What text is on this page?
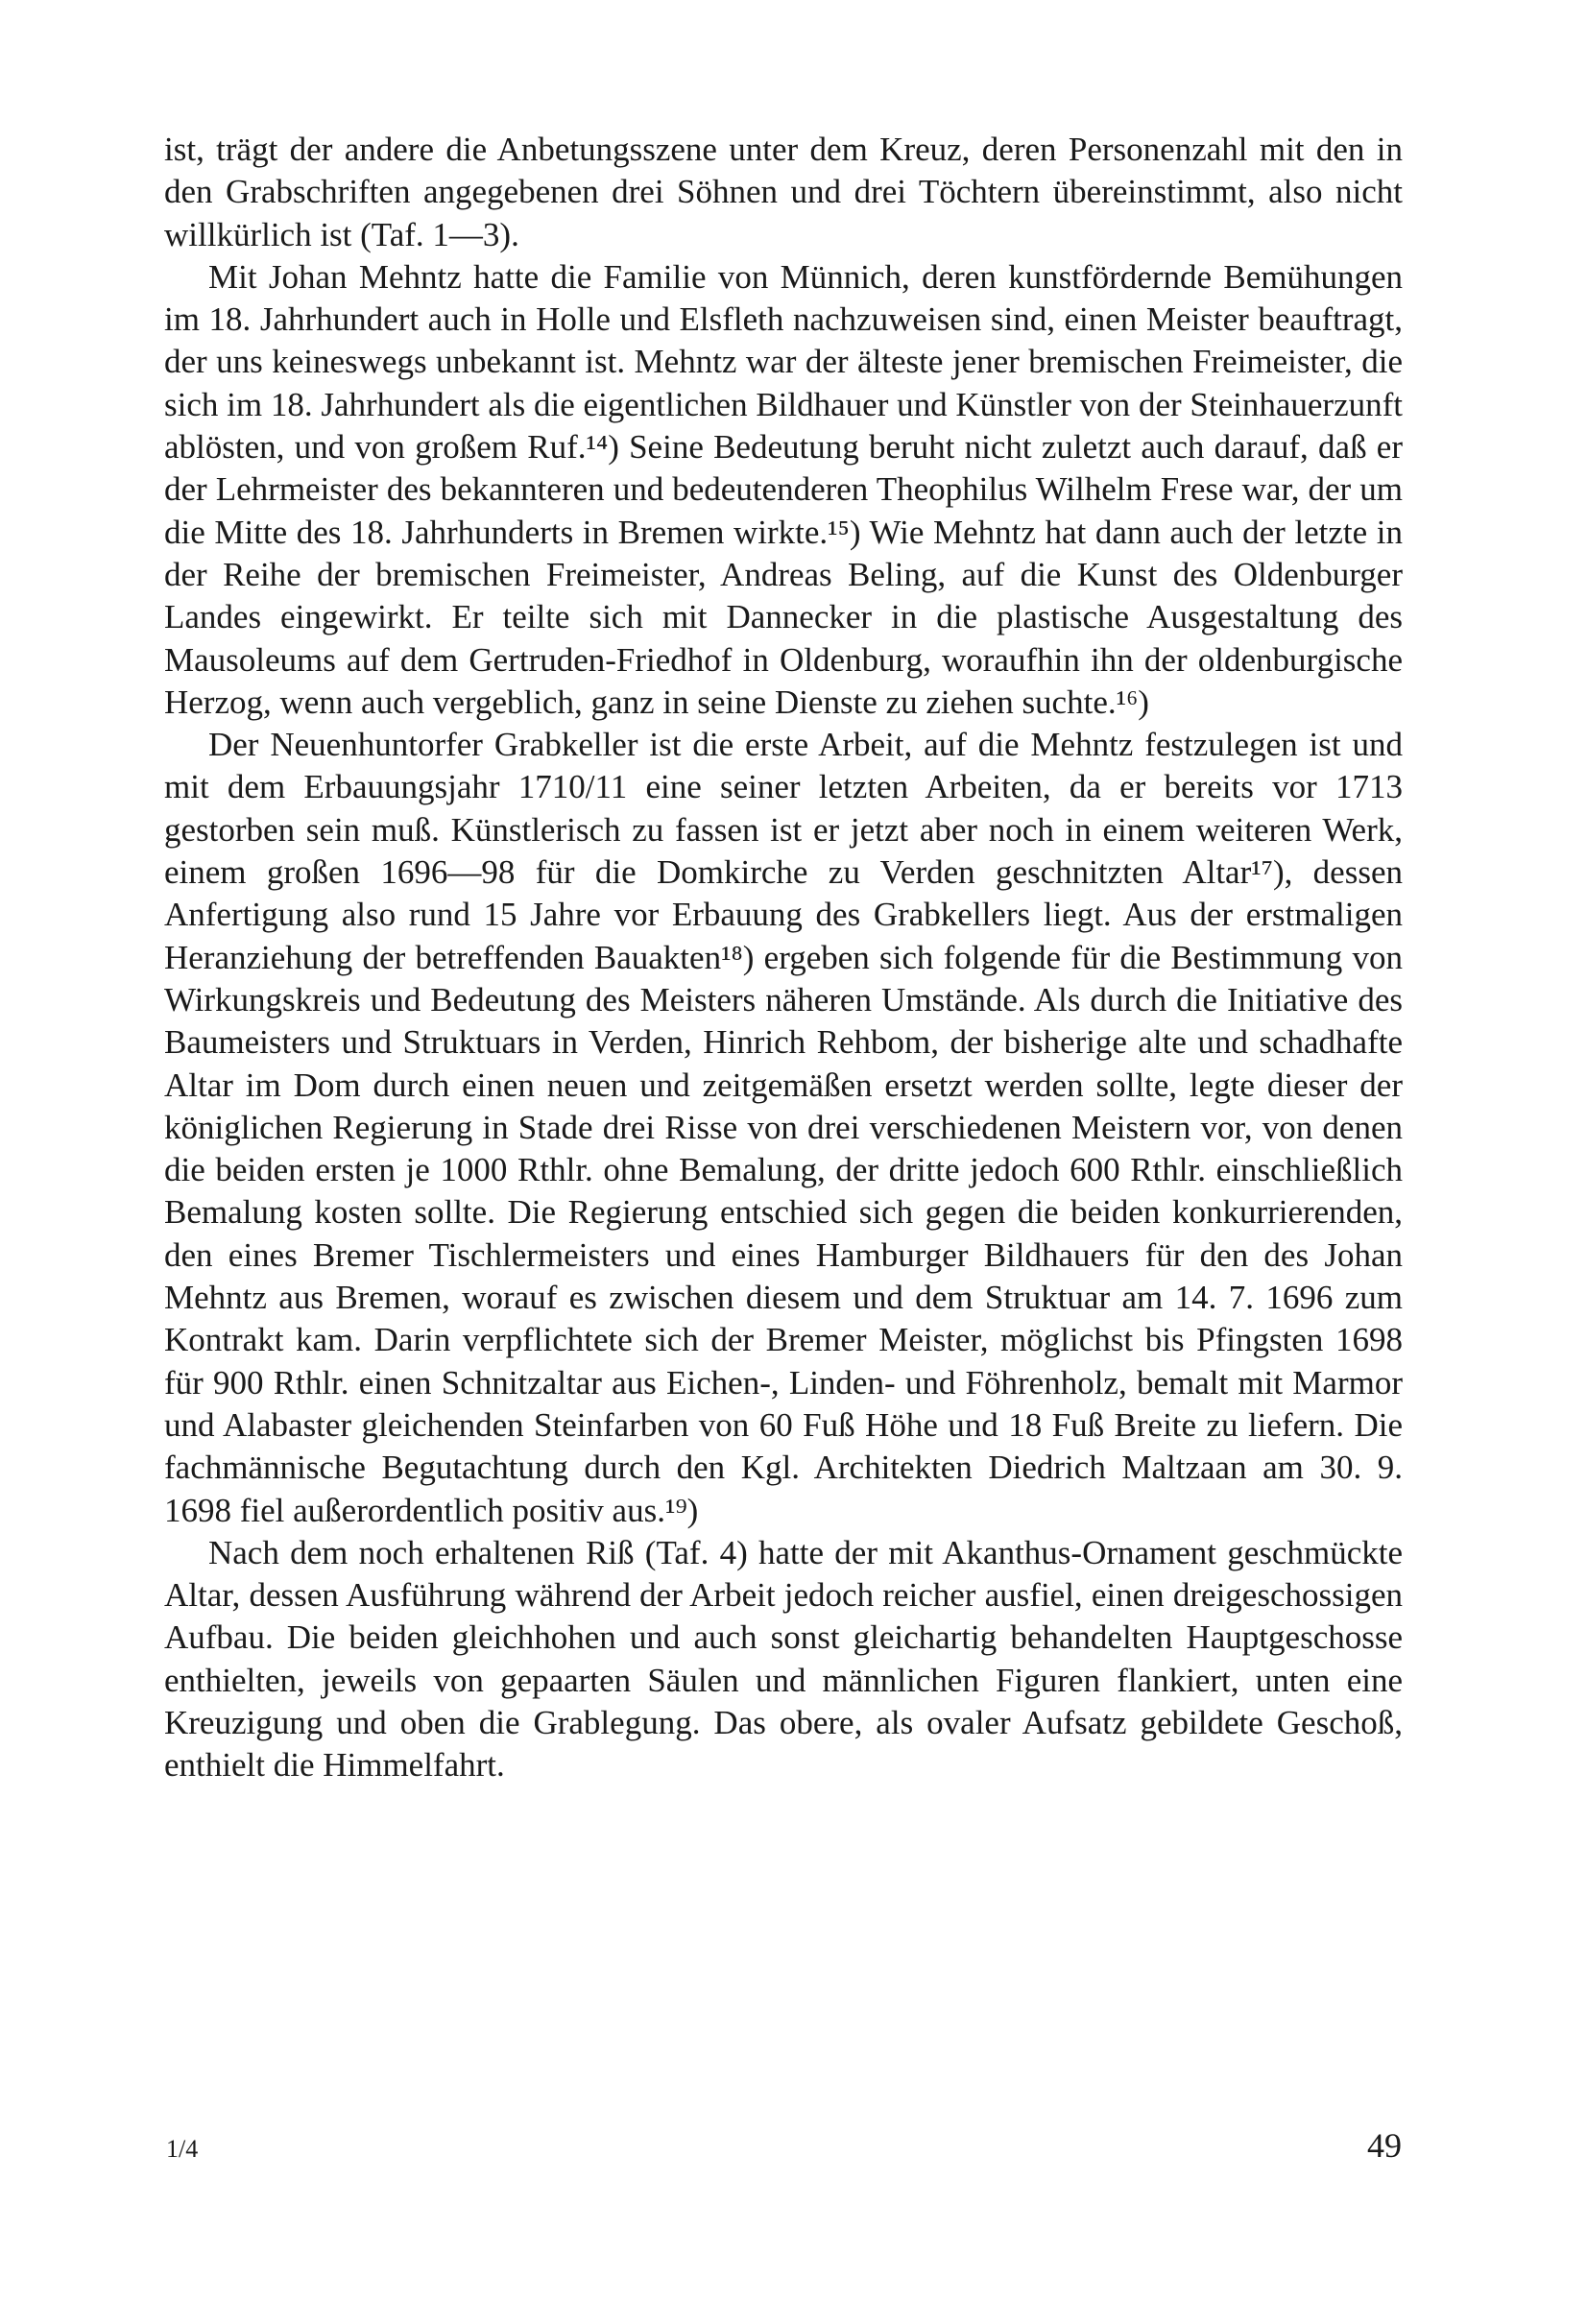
ist, trägt der andere die Anbetungsszene unter dem Kreuz, deren Personenzahl mit den in den Grabschriften angegebenen drei Söhnen und drei Töchtern übereinstimmt, also nicht willkürlich ist (Taf. 1—3).

Mit Johan Mehntz hatte die Familie von Münnich, deren kunstfördernde Bemühungen im 18. Jahrhundert auch in Holle und Elsfleth nachzuweisen sind, einen Meister beauftragt, der uns keineswegs unbekannt ist. Mehntz war der älteste jener bremischen Freimeister, die sich im 18. Jahrhundert als die eigentlichen Bildhauer und Künstler von der Steinhauerzunft ablösten, und von großem Ruf.¹⁴) Seine Bedeutung beruht nicht zuletzt auch darauf, daß er der Lehrmeister des bekannteren und bedeutenderen Theophilus Wilhelm Frese war, der um die Mitte des 18. Jahrhunderts in Bremen wirkte.¹⁵) Wie Mehntz hat dann auch der letzte in der Reihe der bremischen Freimeister, Andreas Beling, auf die Kunst des Oldenburger Landes eingewirkt. Er teilte sich mit Dannecker in die plastische Ausgestaltung des Mausoleums auf dem Gertruden-Friedhof in Oldenburg, woraufhin ihn der oldenburgische Herzog, wenn auch vergeblich, ganz in seine Dienste zu ziehen suchte.¹⁶)

Der Neuenhuntorfer Grabkeller ist die erste Arbeit, auf die Mehntz festzulegen ist und mit dem Erbauungsjahr 1710/11 eine seiner letzten Arbeiten, da er bereits vor 1713 gestorben sein muß. Künstlerisch zu fassen ist er jetzt aber noch in einem weiteren Werk, einem großen 1696—98 für die Domkirche zu Verden geschnitzten Altar¹⁷), dessen Anfertigung also rund 15 Jahre vor Erbauung des Grabkellers liegt. Aus der erstmaligen Heranziehung der betreffenden Bauakten¹⁸) ergeben sich folgende für die Bestimmung von Wirkungskreis und Bedeutung des Meisters näheren Umstände. Als durch die Initiative des Baumeisters und Struktuars in Verden, Hinrich Rehbom, der bisherige alte und schadhafte Altar im Dom durch einen neuen und zeitgemäßen ersetzt werden sollte, legte dieser der königlichen Regierung in Stade drei Risse von drei verschiedenen Meistern vor, von denen die beiden ersten je 1000 Rthlr. ohne Bemalung, der dritte jedoch 600 Rthlr. einschließlich Bemalung kosten sollte. Die Regierung entschied sich gegen die beiden konkurrierenden, den eines Bremer Tischlermeisters und eines Hamburger Bildhauers für den des Johan Mehntz aus Bremen, worauf es zwischen diesem und dem Struktuar am 14. 7. 1696 zum Kontrakt kam. Darin verpflichtete sich der Bremer Meister, möglichst bis Pfingsten 1698 für 900 Rthlr. einen Schnitzaltar aus Eichen-, Linden- und Föhrenholz, bemalt mit Marmor und Alabaster gleichenden Steinfarben von 60 Fuß Höhe und 18 Fuß Breite zu liefern. Die fachmännische Begutachtung durch den Kgl. Architekten Diedrich Maltzaan am 30. 9. 1698 fiel außerordentlich positiv aus.¹⁹)

Nach dem noch erhaltenen Riß (Taf. 4) hatte der mit Akanthus-Ornament geschmückte Altar, dessen Ausführung während der Arbeit jedoch reicher ausfiel, einen dreigeschossigen Aufbau. Die beiden gleichhohen und auch sonst gleichartig behandelten Hauptgeschosse enthielten, jeweils von gepaarten Säulen und männlichen Figuren flankiert, unten eine Kreuzigung und oben die Grablegung. Das obere, als ovaler Aufsatz gebildete Geschoß, enthielt die Himmelfahrt.

1/4	49
